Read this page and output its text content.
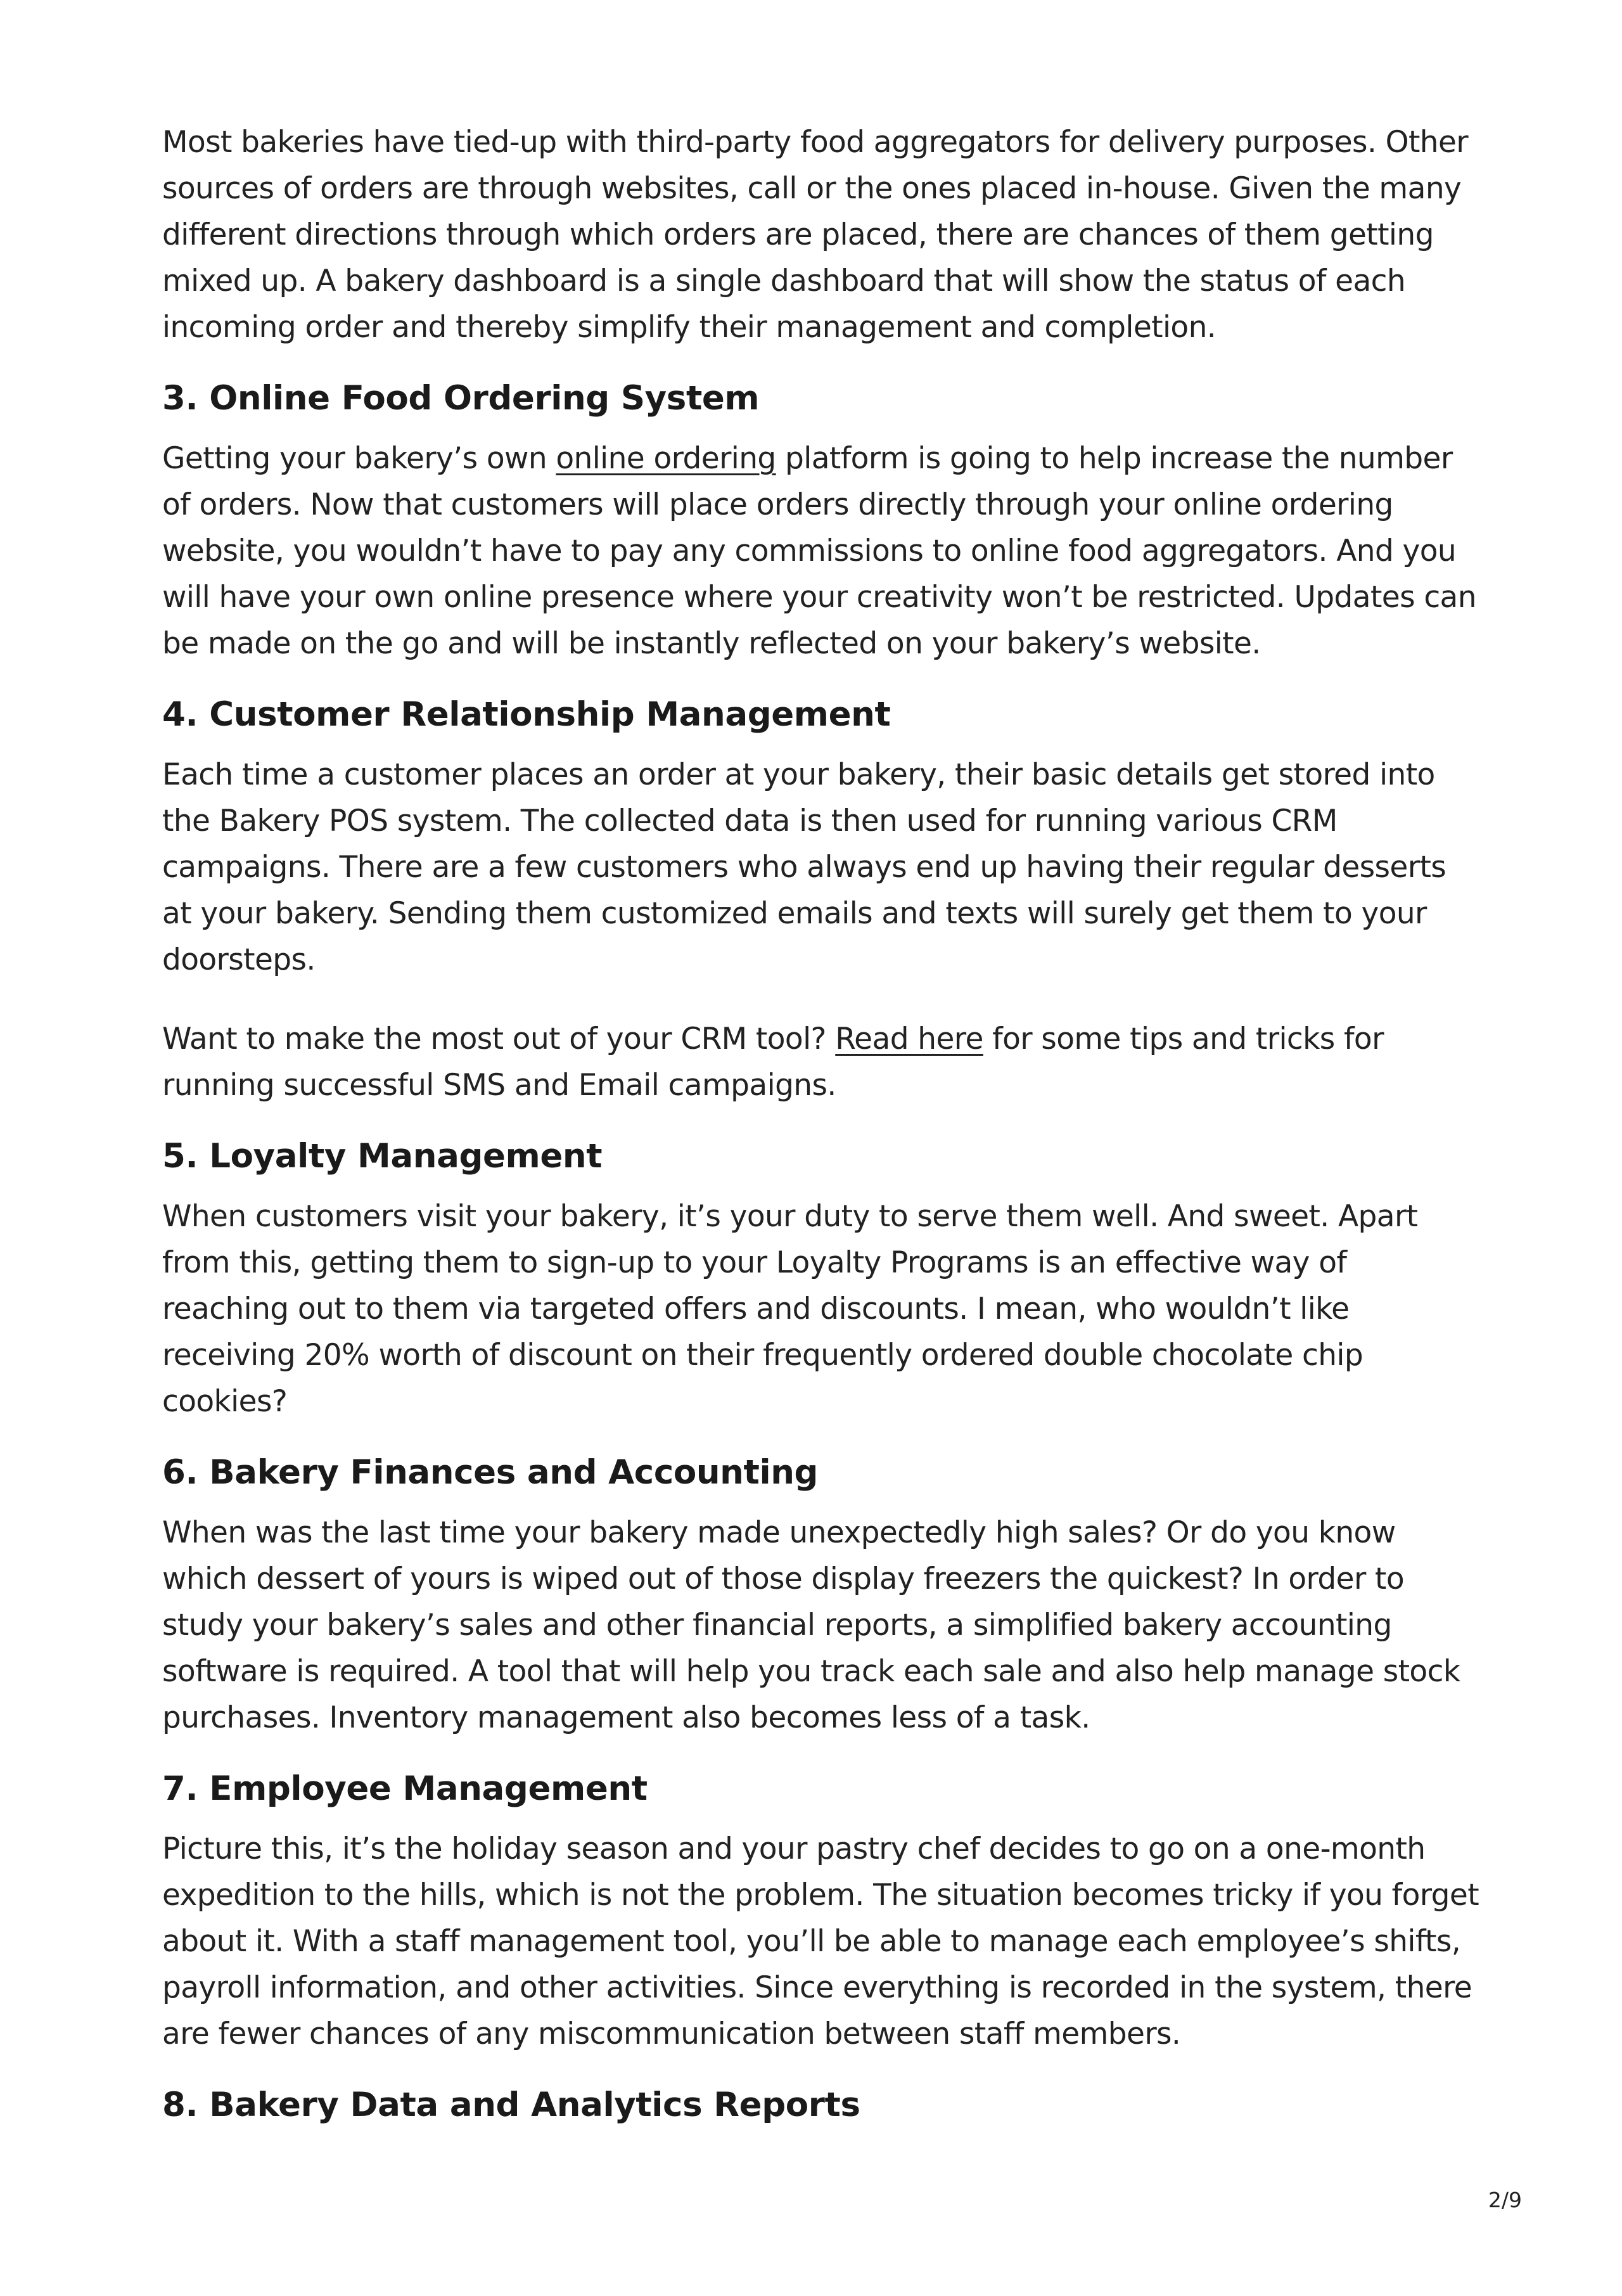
Most bakeries have tied-up with third-party food aggregators for delivery purposes. Other sources of orders are through websites, call or the ones placed in-house. Given the many different directions through which orders are placed, there are chances of them getting mixed up. A bakery dashboard is a single dashboard that will show the status of each incoming order and thereby simplify their management and completion.

3. Online Food Ordering System

Getting your bakery’s own online ordering platform is going to help increase the number of orders. Now that customers will place orders directly through your online ordering website, you wouldn’t have to pay any commissions to online food aggregators. And you will have your own online presence where your creativity won’t be restricted. Updates can be made on the go and will be instantly reflected on your bakery’s website.

4. Customer Relationship Management

Each time a customer places an order at your bakery, their basic details get stored into the Bakery POS system. The collected data is then used for running various CRM campaigns. There are a few customers who always end up having their regular desserts at your bakery. Sending them customized emails and texts will surely get them to your doorsteps.

Want to make the most out of your CRM tool? Read here for some tips and tricks for running successful SMS and Email campaigns.

5. Loyalty Management

When customers visit your bakery, it’s your duty to serve them well. And sweet. Apart from this, getting them to sign-up to your Loyalty Programs is an effective way of reaching out to them via targeted offers and discounts. I mean, who wouldn’t like receiving 20% worth of discount on their frequently ordered double chocolate chip cookies?

6. Bakery Finances and Accounting

When was the last time your bakery made unexpectedly high sales? Or do you know which dessert of yours is wiped out of those display freezers the quickest? In order to study your bakery’s sales and other financial reports, a simplified bakery accounting software is required. A tool that will help you track each sale and also help manage stock purchases. Inventory management also becomes less of a task.

7. Employee Management

Picture this, it’s the holiday season and your pastry chef decides to go on a one-month expedition to the hills, which is not the problem. The situation becomes tricky if you forget about it. With a staff management tool, you’ll be able to manage each employee’s shifts, payroll information, and other activities. Since everything is recorded in the system, there are fewer chances of any miscommunication between staff members.

8. Bakery Data and Analytics Reports
2/9
